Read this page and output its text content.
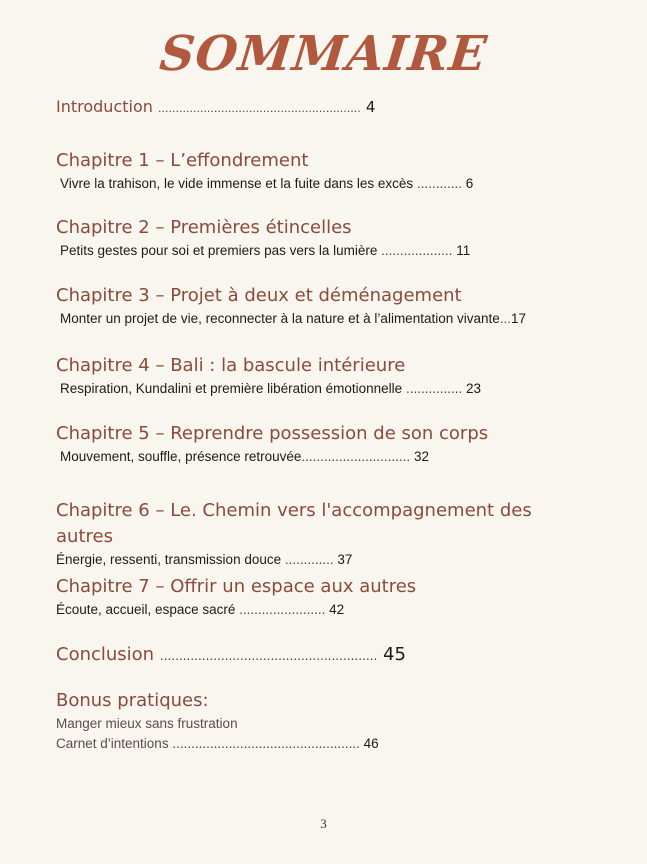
SOMMAIRE
Introduction .......................................................... 4
Chapitre 1 – L’effondrement
Vivre la trahison, le vide immense et la fuite dans les excès ............ 6
Chapitre 2 – Premières étincelles
Petits gestes pour soi et premiers pas vers la lumière ................... 11
Chapitre 3 – Projet à deux et déménagement
Monter un projet de vie, reconnecter à la nature et à l’alimentation vivante...17
Chapitre 4 – Bali : la bascule intérieure
Respiration, Kundalini et première libération émotionnelle ............... 23
Chapitre 5 – Reprendre possession de son corps
Mouvement, souffle, présence retrouvée............................. 32
Chapitre 6 – Le. Chemin vers l'accompagnement des autres
Énergie, ressenti, transmission douce ............. 37
Chapitre 7 – Offrir un espace aux autres
Écoute, accueil, espace sacré ....................... 42
Conclusion ......................................................... 45
Bonus pratiques:
Manger mieux sans frustration
Carnet d’intentions .................................................. 46
3
